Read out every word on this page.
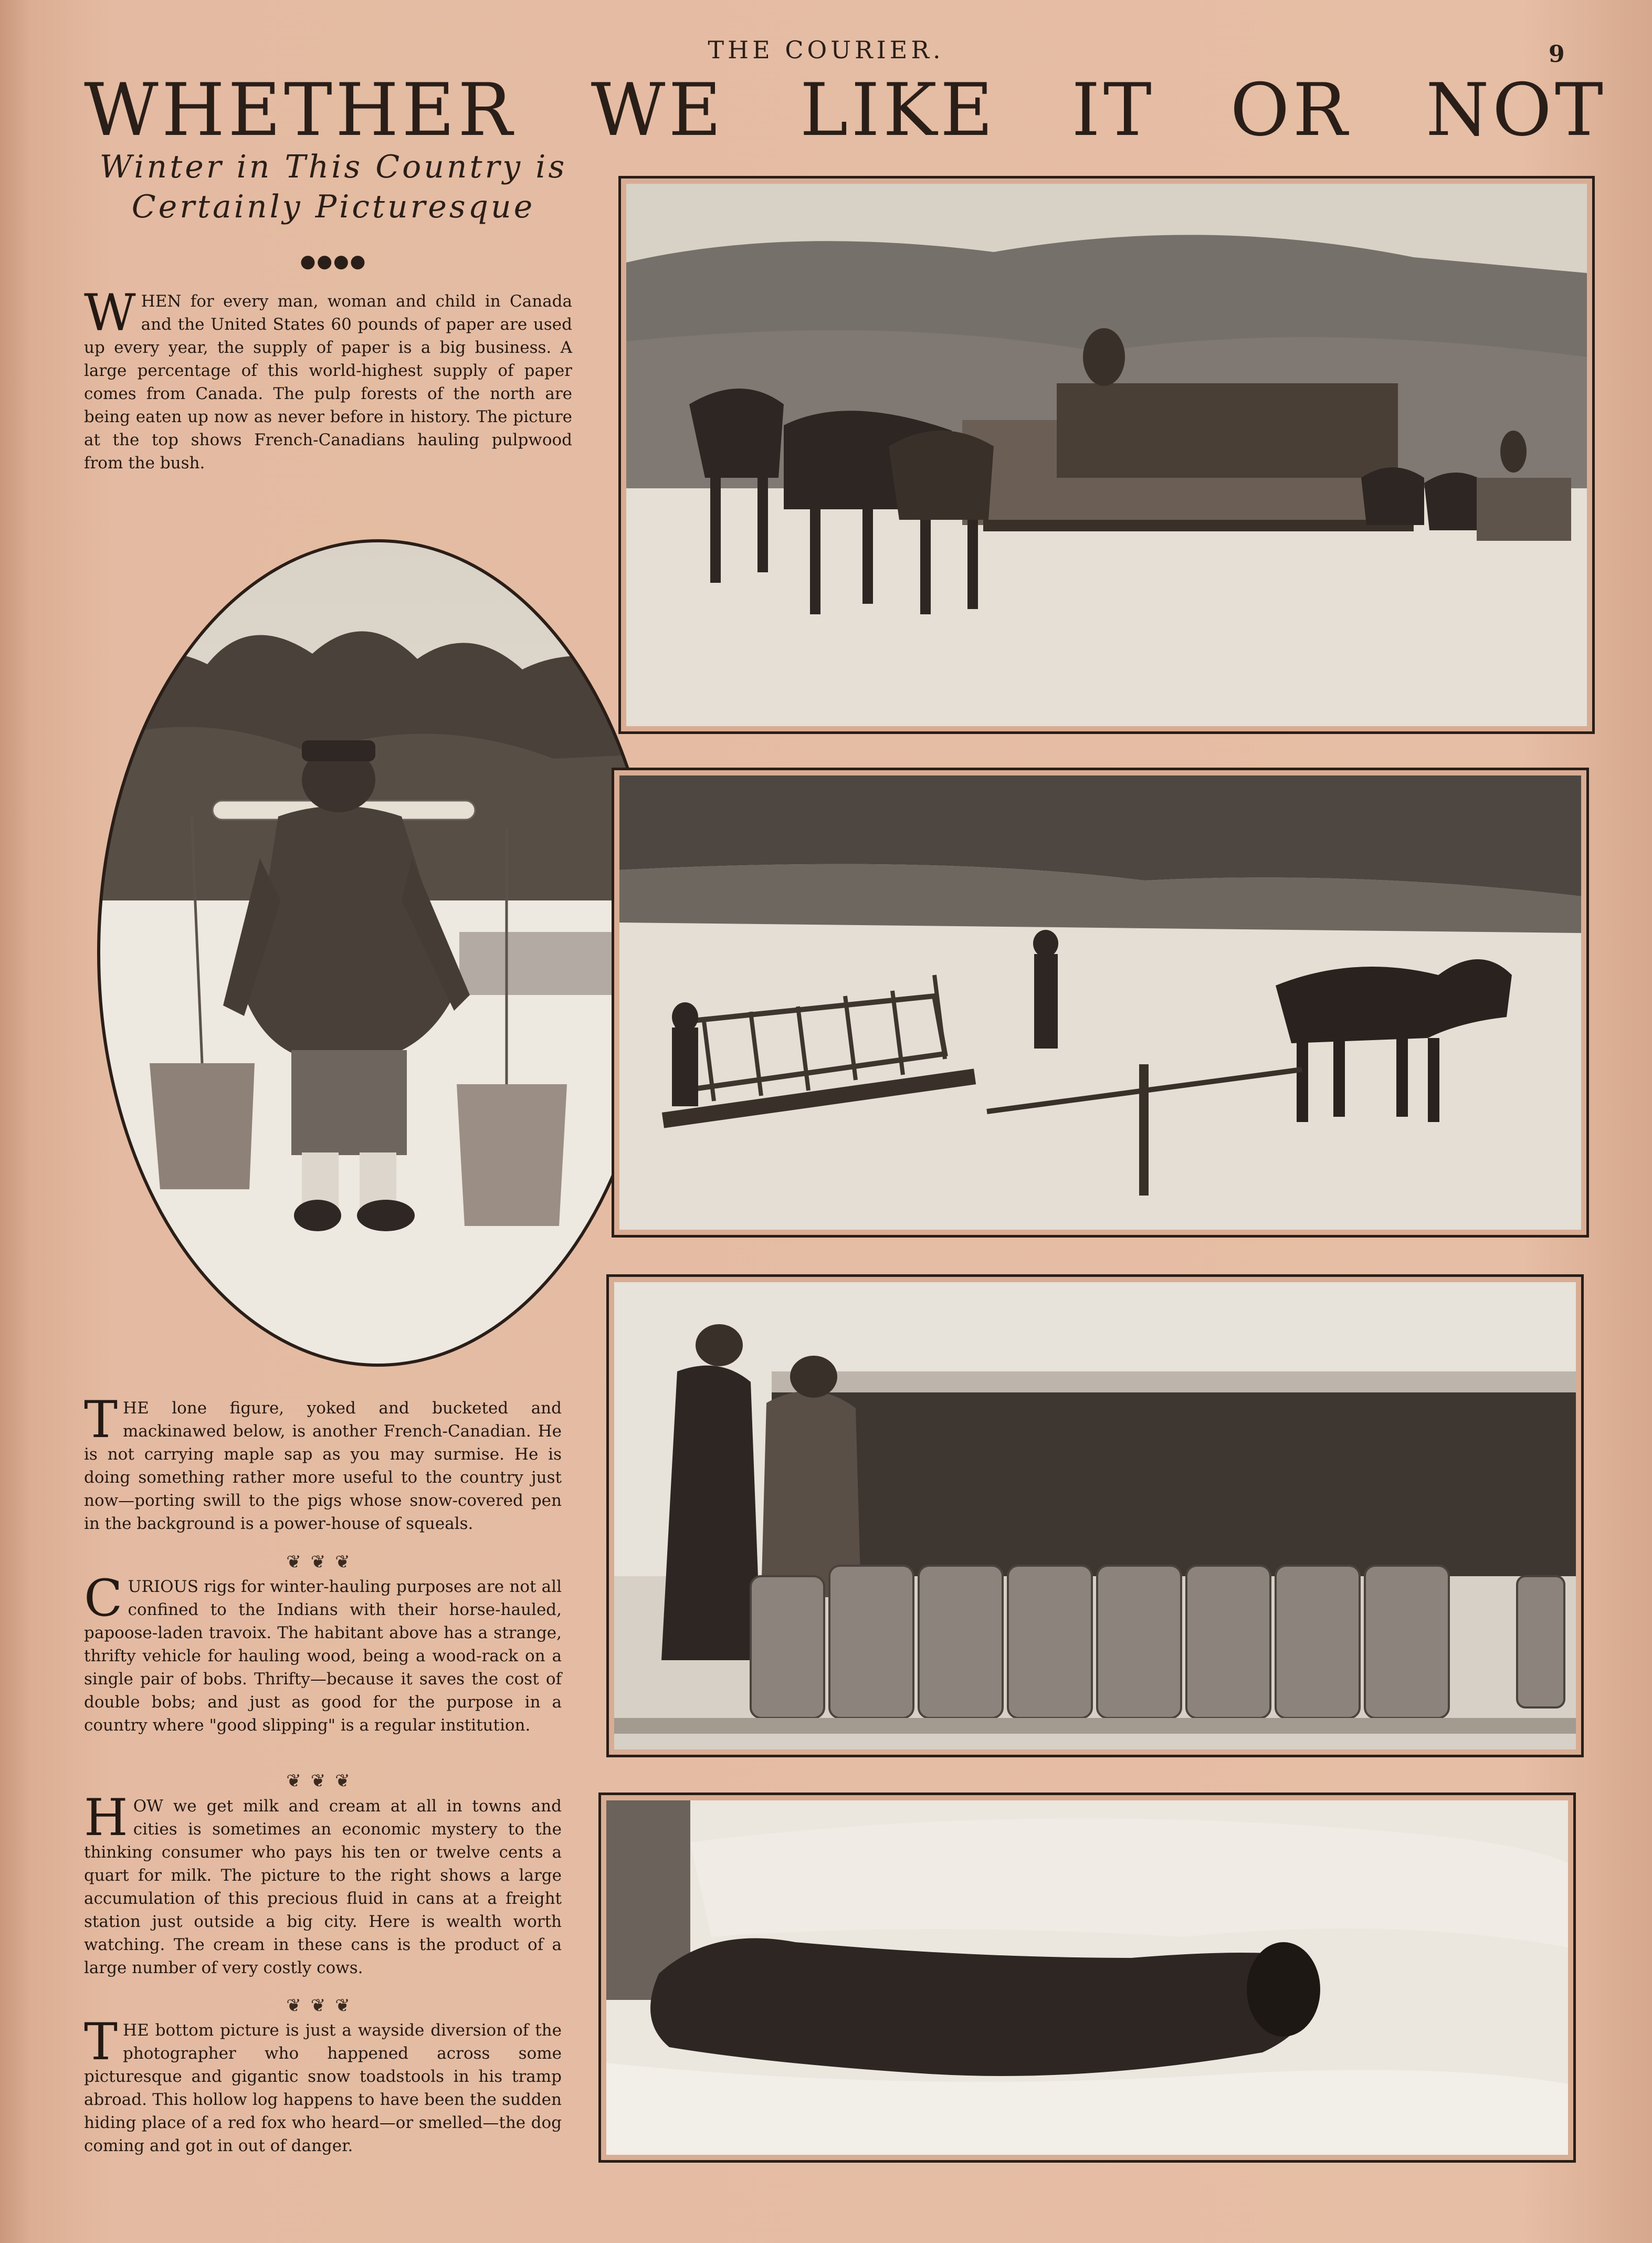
THE COURIER.	9
WHETHER WE LIKE IT OR NOT
Winter in This Country is
Certainly Picturesque
●●●●

WHEN for every man, woman and child in Canada and the United States 60 pounds of paper are used up every year, the supply of paper is a big business. A large percentage of this world-highest supply of paper comes from Canada. The pulp forests of the north are being eaten up now as never before in history. The picture at the top shows French-Canadians hauling pulpwood from the bush.

THE lone figure, yoked and bucketed and mackinawed below, is another French-Canadian. He is not carrying maple sap as you may surmise. He is doing something rather more useful to the country just now—porting swill to the pigs whose snow-covered pen in the background is a power-house of squeals.

❦❦❦

CURIOUS rigs for winter-hauling purposes are not all confined to the Indians with their horse-hauled, papoose-laden travoix. The habitant above has a strange, thrifty vehicle for hauling wood, being a wood-rack on a single pair of bobs. Thrifty—because it saves the cost of double bobs; and just as good for the purpose in a country where "good slipping" is a regular institution.

❦❦❦

HOW we get milk and cream at all in towns and cities is sometimes an economic mystery to the thinking consumer who pays his ten or twelve cents a quart for milk. The picture to the right shows a large accumulation of this precious fluid in cans at a freight station just outside a big city. Here is wealth worth watching. The cream in these cans is the product of a large number of very costly cows.

❦❦❦

THE bottom picture is just a wayside diversion of the photographer who happened across some picturesque and gigantic snow toadstools in his tramp abroad. This hollow log happens to have been the sudden hiding place of a red fox who heard—or smelled—the dog coming and got in out of danger.
